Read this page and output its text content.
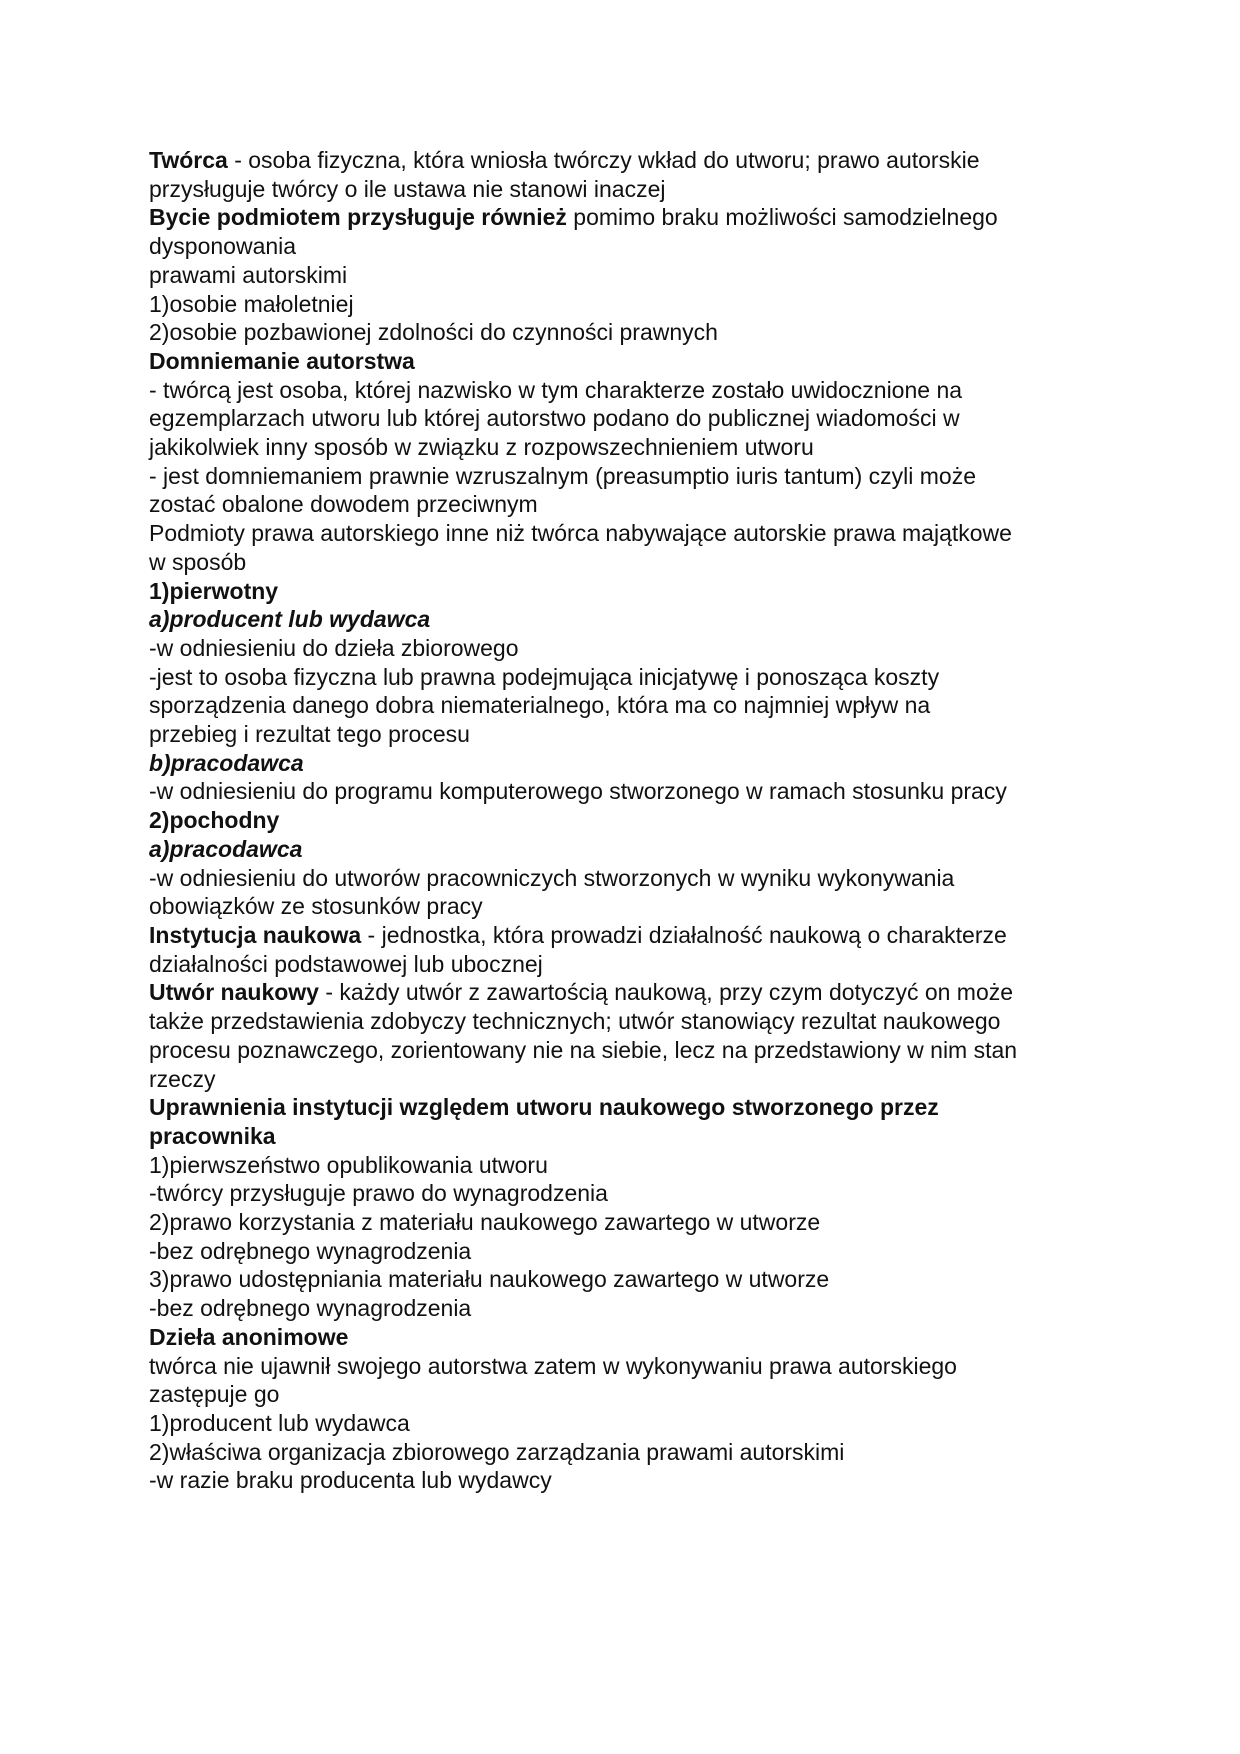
Twórca - osoba fizyczna, która wniosła twórczy wkład do utworu; prawo autorskie

przysługuje twórcy o ile ustawa nie stanowi inaczej

Bycie podmiotem przysługuje również pomimo braku możliwości samodzielnego

dysponowania

prawami autorskimi

1)osobie małoletniej

2)osobie pozbawionej zdolności do czynności prawnych

Domniemanie autorstwa

- twórcą jest osoba, której nazwisko w tym charakterze zostało uwidocznione na

egzemplarzach utworu lub której autorstwo podano do publicznej wiadomości w

jakikolwiek inny sposób w związku z rozpowszechnieniem utworu

- jest domniemaniem prawnie wzruszalnym (preasumptio iuris tantum) czyli może

zostać obalone dowodem przeciwnym

Podmioty prawa autorskiego inne niż twórca nabywające autorskie prawa majątkowe

w sposób

1)pierwotny

a)producent lub wydawca

-w odniesieniu do dzieła zbiorowego

-jest to osoba fizyczna lub prawna podejmująca inicjatywę i ponosząca koszty

sporządzenia danego dobra niematerialnego, która ma co najmniej wpływ na

przebieg i rezultat tego procesu

b)pracodawca

-w odniesieniu do programu komputerowego stworzonego w ramach stosunku pracy

2)pochodny

a)pracodawca

-w odniesieniu do utworów pracowniczych stworzonych w wyniku wykonywania

obowiązków ze stosunków pracy

Instytucja naukowa - jednostka, która prowadzi działalność naukową o charakterze

działalności podstawowej lub ubocznej

Utwór naukowy - każdy utwór z zawartością naukową, przy czym dotyczyć on może

także przedstawienia zdobyczy technicznych; utwór stanowiący rezultat naukowego

procesu poznawczego, zorientowany nie na siebie, lecz na przedstawiony w nim stan

rzeczy

Uprawnienia instytucji względem utworu naukowego stworzonego przez

pracownika

1)pierwszeństwo opublikowania utworu

-twórcy przysługuje prawo do wynagrodzenia

2)prawo korzystania z materiału naukowego zawartego w utworze

-bez odrębnego wynagrodzenia

3)prawo udostępniania materiału naukowego zawartego w utworze

-bez odrębnego wynagrodzenia

Dzieła anonimowe

twórca nie ujawnił swojego autorstwa zatem w wykonywaniu prawa autorskiego

zastępuje go

1)producent lub wydawca

2)właściwa organizacja zbiorowego zarządzania prawami autorskimi

-w razie braku producenta lub wydawcy
